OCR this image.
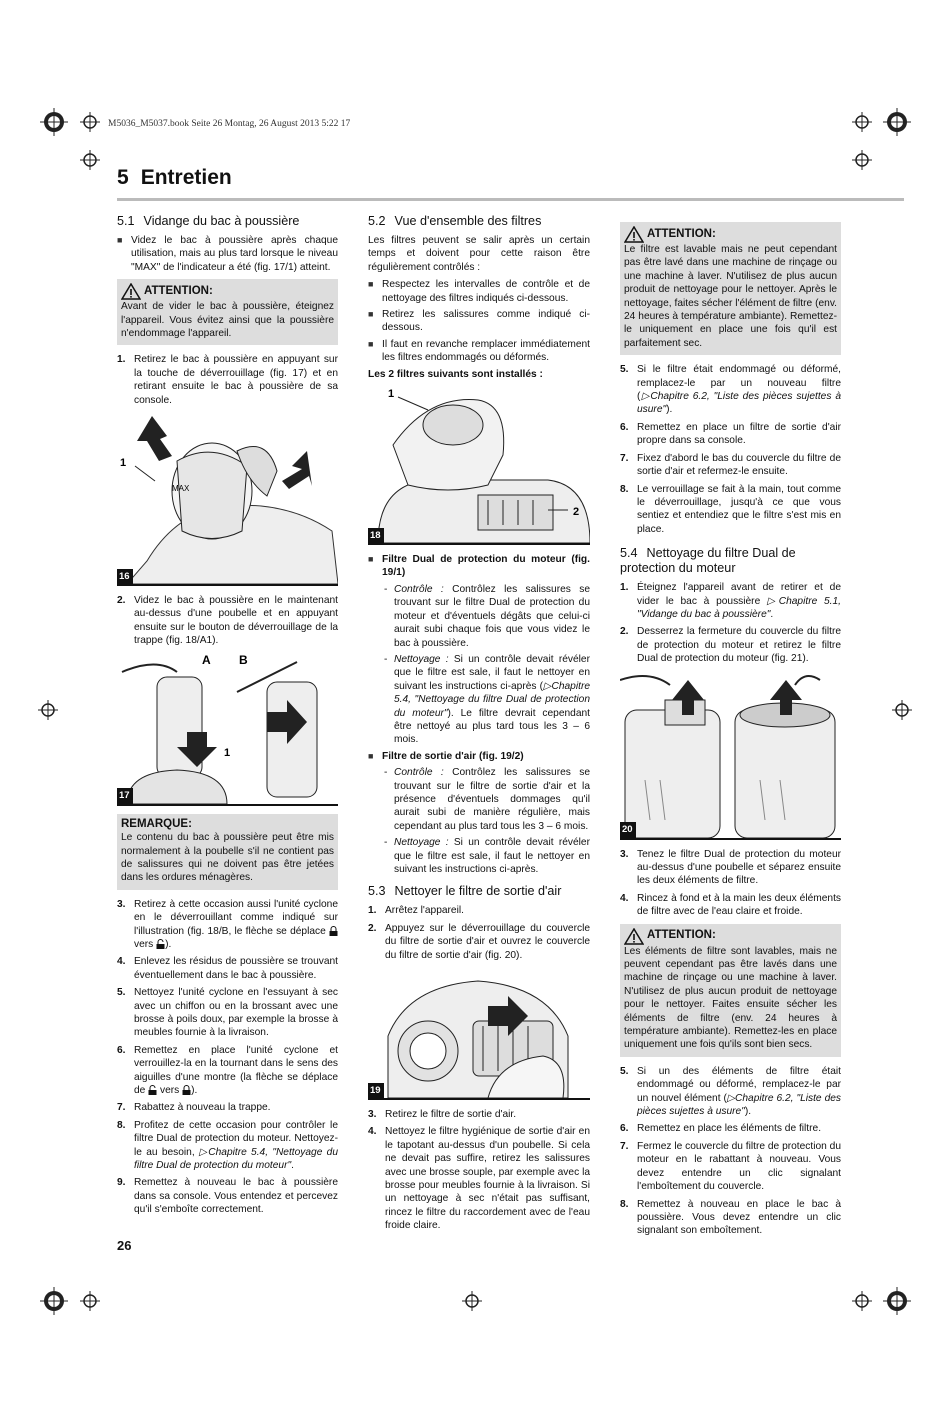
M5036_M5037.book Seite 26 Montag, 26 August 2013 5:22 17
5 Entretien
5.1 Vidange du bac à poussière
■ Videz le bac à poussière après chaque utilisation, mais au plus tard lorsque le niveau "MAX" de l'indicateur a été (fig. 17/1) atteint.
ATTENTION:

Avant de vider le bac à poussière, éteignez l'appareil. Vous évitez ainsi que la poussière n'endommage l'appareil.

1. Retirez le bac à poussière en appuyant sur la touche de déverrouillage (fig. 17) et en retirant ensuite le bac à poussière de sa console.
MAX
1
16
2. Videz le bac à poussière en le maintenant au-dessus d'une poubelle et en appuyant ensuite sur le bouton de déverrouillage de la trappe (fig. 18/A1).
A B
1
17
REMARQUE:

Le contenu du bac à poussière peut être mis normalement à la poubelle s'il ne contient pas de salissures qui ne doivent pas être jetées dans les ordures ménagères.

3. Retirez à cette occasion aussi l'unité cyclone en le déverrouillant comme indiqué sur l'illustration (fig. 18/B, le flèche se déplace  vers ).
4. Enlevez les résidus de poussière se trouvant éventuellement dans le bac à poussière.
5. Nettoyez l'unité cyclone en l'essuyant à sec avec un chiffon ou en la brossant avec une brosse à poils doux, par exemple la brosse à meubles fournie à la livraison.
6. Remettez en place l'unité cyclone et verrouillez-la en la tournant dans le sens des aiguilles d'une montre (la flèche se déplace de vers ).
7. Rabattez à nouveau la trappe.
8. Profitez de cette occasion pour contrôler le filtre Dual de protection du moteur. Nettoyez-le au besoin, ▷Chapitre 5.4, "Nettoyage du filtre Dual de protection du moteur".
9. Remettez à nouveau le bac à poussière dans sa console. Vous entendez et percevez qu'il s'emboîte correctement.
5.2 Vue d'ensemble des filtres

Les filtres peuvent se salir après un certain temps et doivent pour cette raison être régulièrement contrôlés :

■ Respectez les intervalles de contrôle et de nettoyage des filtres indiqués ci-dessous.
■ Retirez les salissures comme indiqué ci-dessous.
■ Il faut en revanche remplacer immédiatement les filtres endommagés ou déformés.

Les 2 filtres suivants sont installés :

1
2
18
■ Filtre Dual de protection du moteur (fig. 19/1)
- Contrôle : Contrôlez les salissures se trouvant sur le filtre Dual de protection du moteur et d'éventuels dégâts que celui-ci aurait subi chaque fois que vous videz le bac à poussière.
- Nettoyage : Si un contrôle devait révéler que le filtre est sale, il faut le nettoyer en suivant les instructions ci-après (▷Chapitre 5.4, "Nettoyage du filtre Dual de protection du moteur"). Le filtre devrait cependant être nettoyé au plus tard tous les 3 – 6 mois.
■ Filtre de sortie d'air (fig. 19/2)
- Contrôle : Contrôlez les salissures se trouvant sur le filtre de sortie d'air et la présence d'éventuels dommages qu'il aurait subi de manière régulière, mais cependant au plus tard tous les 3 – 6 mois.
- Nettoyage : Si un contrôle devait révéler que le filtre est sale, il faut le nettoyer en suivant les instructions ci-après.
5.3 Nettoyer le filtre de sortie d'air
1. Arrêtez l'appareil.
2. Appuyez sur le déverrouillage du couvercle du filtre de sortie d'air et ouvrez le couvercle du filtre de sortie d'air (fig. 20).
19
3. Retirez le filtre de sortie d'air.
4. Nettoyez le filtre hygiénique de sortie d'air en le tapotant au-dessus d'un poubelle. Si cela ne devait pas suffire, retirez les salissures avec une brosse souple, par exemple avec la brosse pour meubles fournie à la livraison. Si un nettoyage à sec n'était pas suffisant, rincez le filtre du raccordement avec de l'eau froide claire.
ATTENTION:

Le filtre est lavable mais ne peut cependant pas être lavé dans une machine de rinçage ou une machine à laver. N'utilisez de plus aucun produit de nettoyage pour le nettoyer. Après le nettoyage, faites sécher l'élément de filtre (env. 24 heures à température ambiante). Remettez-le uniquement en place une fois qu'il est parfaitement sec.

5. Si le filtre était endommagé ou déformé, remplacez-le par un nouveau filtre (▷Chapitre 6.2, "Liste des pièces sujettes à usure").
6. Remettez en place un filtre de sortie d'air propre dans sa console.
7. Fixez d'abord le bas du couvercle du filtre de sortie d'air et refermez-le ensuite.
8. Le verrouillage se fait à la main, tout comme le déverrouillage, jusqu'à ce que vous sentiez et entendiez que le filtre s'est mis en place.
5.4 Nettoyage du filtre Dual de protection du moteur
1. Éteignez l'appareil avant de retirer et de vider le bac à poussière ▷Chapitre 5.1, "Vidange du bac à poussière".
2. Desserrez la fermeture du couvercle du filtre de protection du moteur et retirez le filtre Dual de protection du moteur (fig. 21).
20
3. Tenez le filtre Dual de protection du moteur au-dessus d'une poubelle et séparez ensuite les deux éléments de filtre.
4. Rincez à fond et à la main les deux éléments de filtre avec de l'eau claire et froide.
ATTENTION:

Les éléments de filtre sont lavables, mais ne peuvent cependant pas être lavés dans une machine de rinçage ou une machine à laver. N'utilisez de plus aucun produit de nettoyage pour le nettoyer. Faites ensuite sécher les éléments de filtre (env. 24 heures à température ambiante). Remettez-les en place uniquement une fois qu'ils sont bien secs.

5. Si un des éléments de filtre était endommagé ou déformé, remplacez-le par un nouvel élément (▷Chapitre 6.2, "Liste des pièces sujettes à usure").
6. Remettez en place les éléments de filtre.
7. Fermez le couvercle du filtre de protection du moteur en le rabattant à nouveau. Vous devez entendre un clic signalant l'emboîtement du couvercle.
8. Remettez à nouveau en place le bac à poussière. Vous devez entendre un clic signalant son emboîtement.
26
